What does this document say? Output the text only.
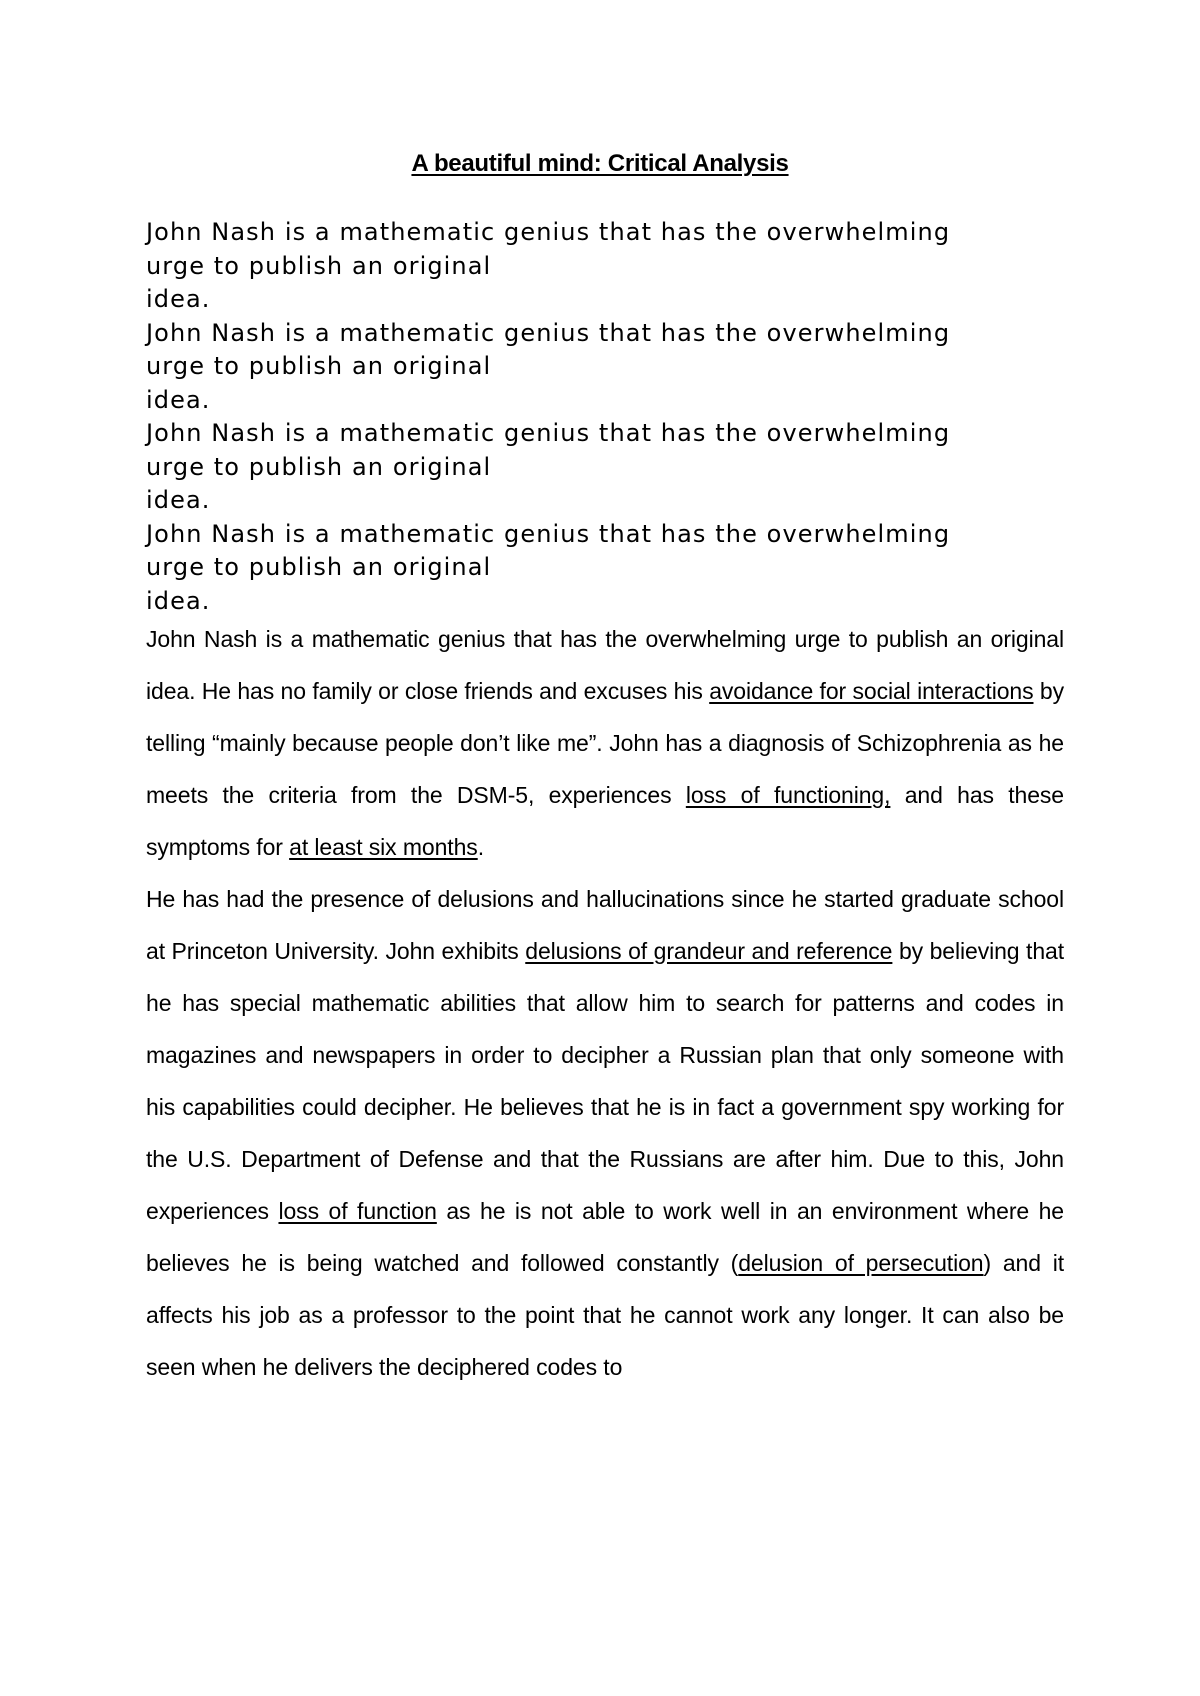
A beautiful mind: Critical Analysis

John Nash is a mathematic genius that has the overwhelming
urge to publish an original
idea.

John Nash is a mathematic genius that has the overwhelming
urge to publish an original
idea.

John Nash is a mathematic genius that has the overwhelming
urge to publish an original
idea.

John Nash is a mathematic genius that has the overwhelming
urge to publish an original
idea.

John Nash is a mathematic genius that has the overwhelming urge to publish an original idea. He has no family or close friends and excuses his avoidance for social interactions by telling “mainly because people don’t like me”. John has a diagnosis of Schizophrenia as he meets the criteria from the DSM-5, experiences loss of functioning, and has these symptoms for at least six months.

He has had the presence of delusions and hallucinations since he started graduate school at Princeton University. John exhibits delusions of grandeur and reference by believing that he has special mathematic abilities that allow him to search for patterns and codes in magazines and newspapers in order to decipher a Russian plan that only someone with his capabilities could decipher. He believes that he is in fact a government spy working for the U.S. Department of Defense and that the Russians are after him. Due to this, John experiences loss of function as he is not able to work well in an environment where he believes he is being watched and followed constantly (delusion of persecution) and it affects his job as a professor to the point that he cannot work any longer. It can also be seen when he delivers the deciphered codes to
